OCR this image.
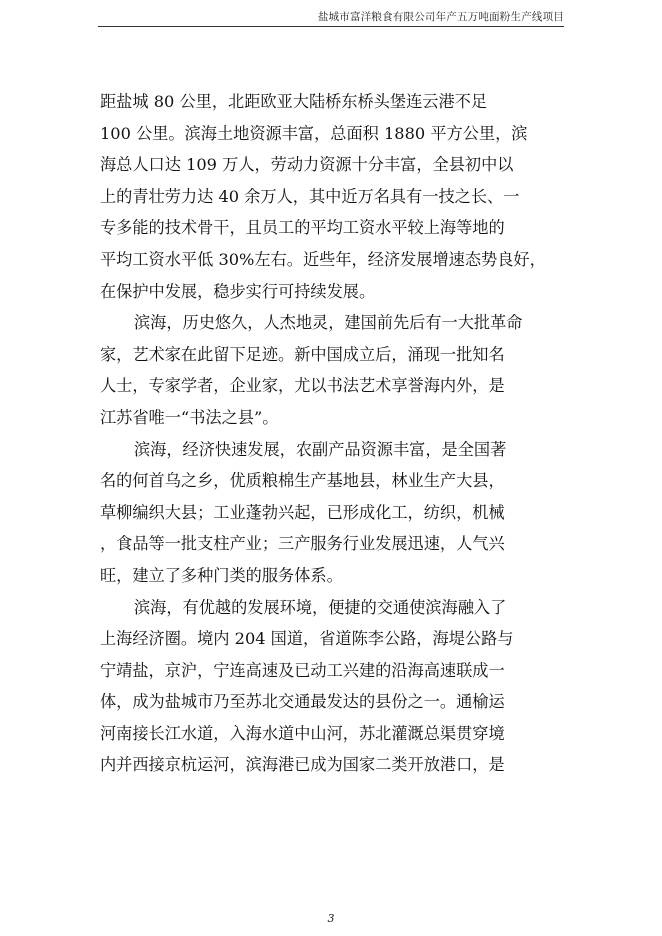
盐城市富洋粮食有限公司年产五万吨面粉生产线项目
距盐城 80 公里，北距欧亚大陆桥东桥头堡连云港不足
100 公里。滨海土地资源丰富，总面积 1880 平方公里，滨
海总人口达 109 万人，劳动力资源十分丰富，全县初中以
上的青壮劳力达 40 余万人，其中近万名具有一技之长、一
专多能的技术骨干，且员工的平均工资水平较上海等地的
平均工资水平低 30%左右。近些年，经济发展增速态势良好，
在保护中发展，稳步实行可持续发展。
滨海，历史悠久，人杰地灵，建国前先后有一大批革命
家，艺术家在此留下足迹。新中国成立后，涌现一批知名
人士，专家学者，企业家，尤以书法艺术享誉海内外，是
江苏省唯一“书法之县”。
滨海，经济快速发展，农副产品资源丰富，是全国著
名的何首乌之乡，优质粮棉生产基地县，林业生产大县，
草柳编织大县；工业蓬勃兴起，已形成化工，纺织，机械
，食品等一批支柱产业；三产服务行业发展迅速，人气兴
旺，建立了多种门类的服务体系。
滨海，有优越的发展环境，便捷的交通使滨海融入了
上海经济圈。境内 204 国道，省道陈李公路，海堤公路与
宁靖盐，京沪，宁连高速及已动工兴建的沿海高速联成一
体，成为盐城市乃至苏北交通最发达的县份之一。通榆运
河南接长江水道，入海水道中山河，苏北灌溉总渠贯穿境
内并西接京杭运河，滨海港已成为国家二类开放港口，是
3
